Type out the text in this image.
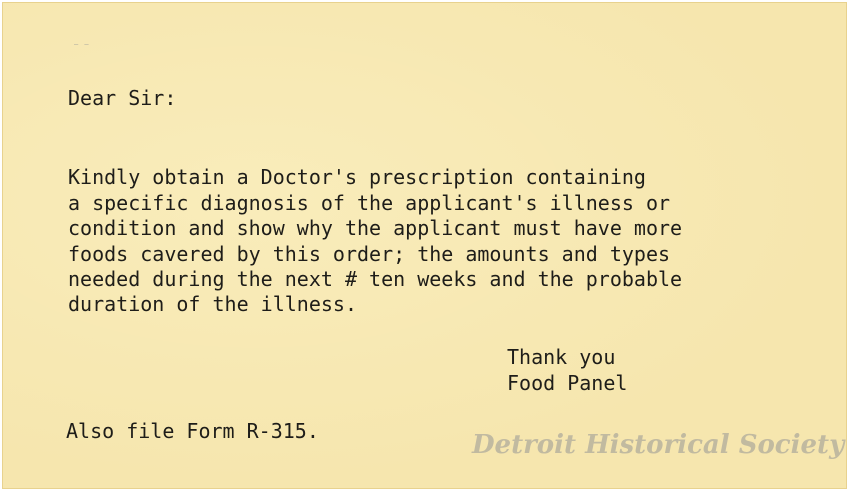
— —

Dear Sir:

Kindly obtain a Doctor's prescription containing

a specific diagnosis of the applicant's illness or

condition and show why the applicant must have more

foods cavered by this order; the amounts and types

needed during the next # ten weeks and the probable

duration of the illness.

Thank you

Food Panel

Also file Form R-315.	Detroit Historical Society
